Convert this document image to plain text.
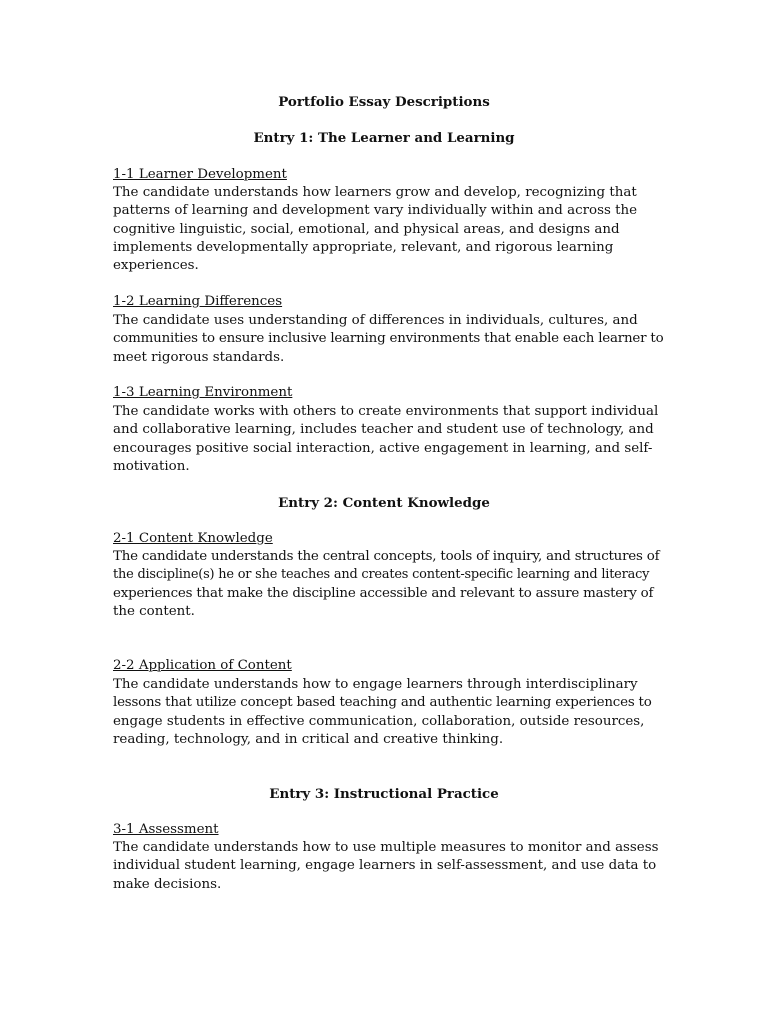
Portfolio Essay Descriptions
Entry 1: The Learner and Learning
1-1 Learner Development

The candidate understands how learners grow and develop, recognizing that
patterns of learning and development vary individually within and across the
cognitive linguistic, social, emotional, and physical areas, and designs and
implements developmentally appropriate, relevant, and rigorous learning
experiences.

1-2 Learning Differences

The candidate uses understanding of differences in individuals, cultures, and
communities to ensure inclusive learning environments that enable each learner to
meet rigorous standards.

1-3 Learning Environment

The candidate works with others to create environments that support individual
and collaborative learning, includes teacher and student use of technology, and
encourages positive social interaction, active engagement in learning, and self-
motivation.

Entry 2: Content Knowledge
2-1 Content Knowledge

The candidate understands the central concepts, tools of inquiry, and structures of
the discipline(s) he or she teaches and creates content-specific learning and literacy
experiences that make the discipline accessible and relevant to assure mastery of
the content.

2-2 Application of Content

The candidate understands how to engage learners through interdisciplinary
lessons that utilize concept based teaching and authentic learning experiences to
engage students in effective communication, collaboration, outside resources,
reading, technology, and in critical and creative thinking.

Entry 3: Instructional Practice
3-1 Assessment

The candidate understands how to use multiple measures to monitor and assess
individual student learning, engage learners in self-assessment, and use data to
make decisions.
